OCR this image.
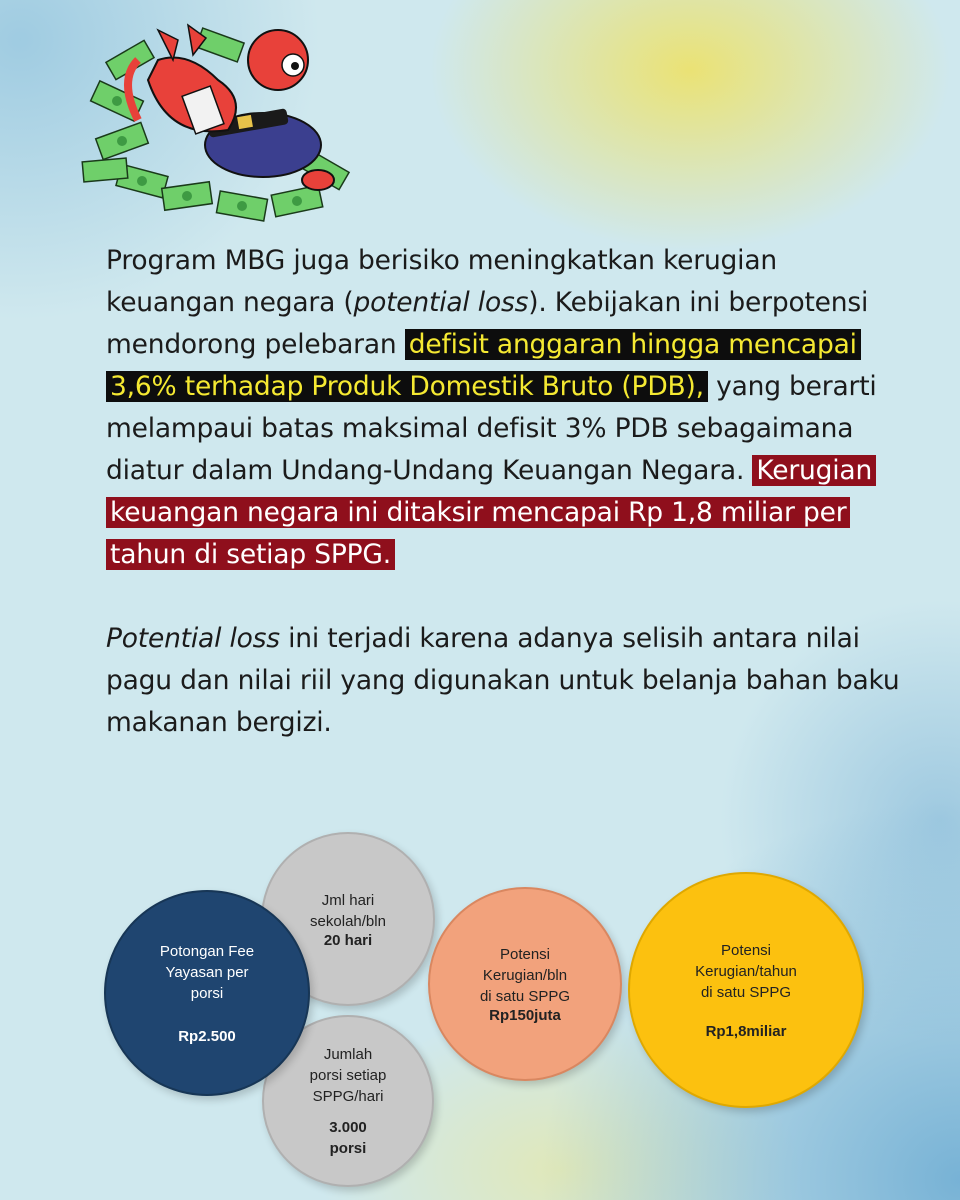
Program MBG juga berisiko meningkatkan kerugian keuangan negara (potential loss). Kebijakan ini berpotensi mendorong pelebaran defisit anggaran hingga mencapai 3,6% terhadap Produk Domestik Bruto (PDB), yang berarti melampaui batas maksimal defisit 3% PDB sebagaimana diatur dalam Undang-Undang Keuangan Negara. Kerugian keuangan negara ini ditaksir mencapai Rp 1,8 miliar per tahun di setiap SPPG.

Potential loss ini terjadi karena adanya selisih antara nilai pagu dan nilai riil yang digunakan untuk belanja bahan baku makanan bergizi.

Jml hari
sekolah/bln
20 hari
Jumlah
porsi setiap
SPPG/hari
3.000
porsi
Potongan Fee
Yayasan per
porsi
Rp2.500
Potensi
Kerugian/bln
di satu SPPG
Rp150juta
Potensi
Kerugian/tahun
di satu SPPG
Rp1,8miliar
